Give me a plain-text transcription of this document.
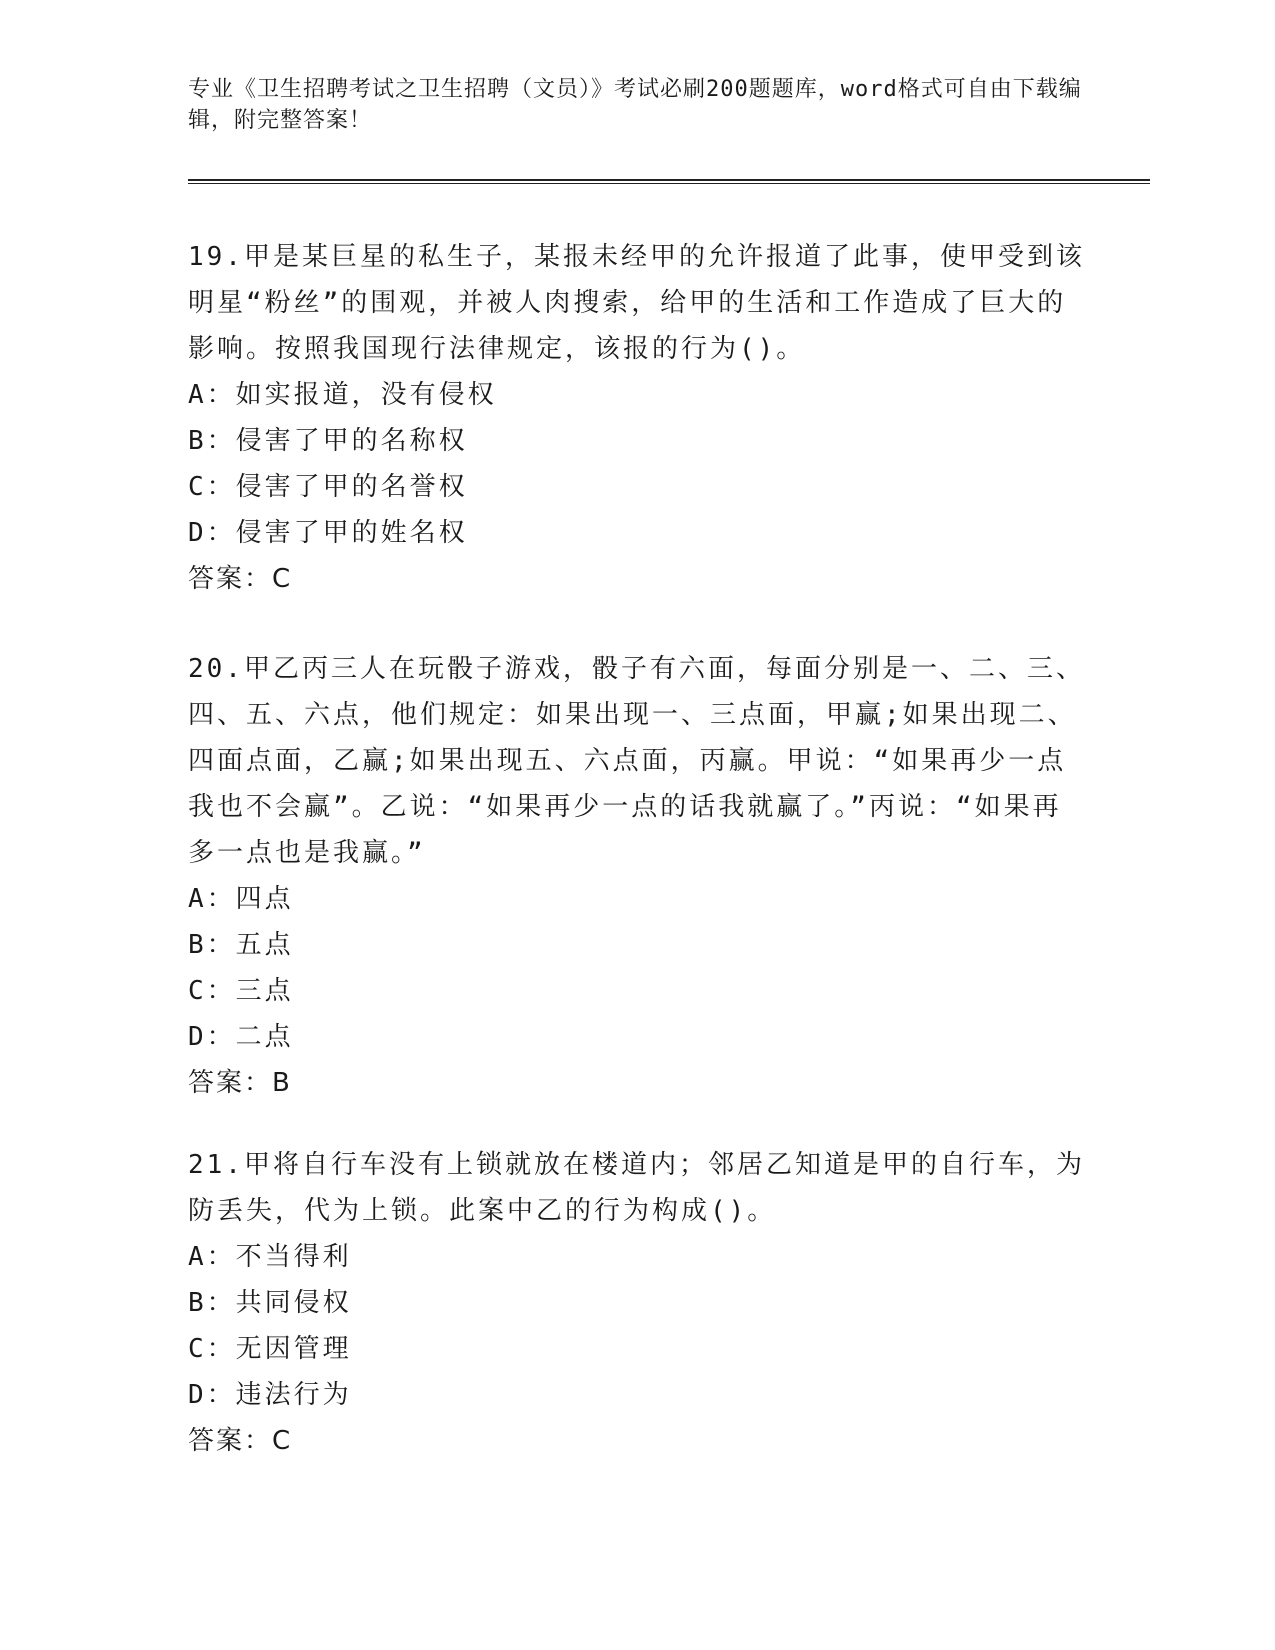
专业《卫生招聘考试之卫生招聘（文员）》考试必刷200题题库，word格式可自由下载编辑，附完整答案！

19.甲是某巨星的私生子，某报未经甲的允许报道了此事，使甲受到该明星“粉丝”的围观，并被人肉搜索，给甲的生活和工作造成了巨大的影响。按照我国现行法律规定，该报的行为()。

A：如实报道，没有侵权

B：侵害了甲的名称权

C：侵害了甲的名誉权

D：侵害了甲的姓名权

答案：C

20.甲乙丙三人在玩骰子游戏，骰子有六面，每面分别是一、二、三、四、五、六点，他们规定：如果出现一、三点面，甲赢;如果出现二、四面点面，乙赢;如果出现五、六点面，丙赢。甲说：“如果再少一点我也不会赢”。乙说：“如果再少一点的话我就赢了。”丙说：“如果再多一点也是我赢。”

A：四点

B：五点

C：三点

D：二点

答案：B

21.甲将自行车没有上锁就放在楼道内；邻居乙知道是甲的自行车，为防丢失，代为上锁。此案中乙的行为构成()。

A：不当得利

B：共同侵权

C：无因管理

D：违法行为

答案：C
